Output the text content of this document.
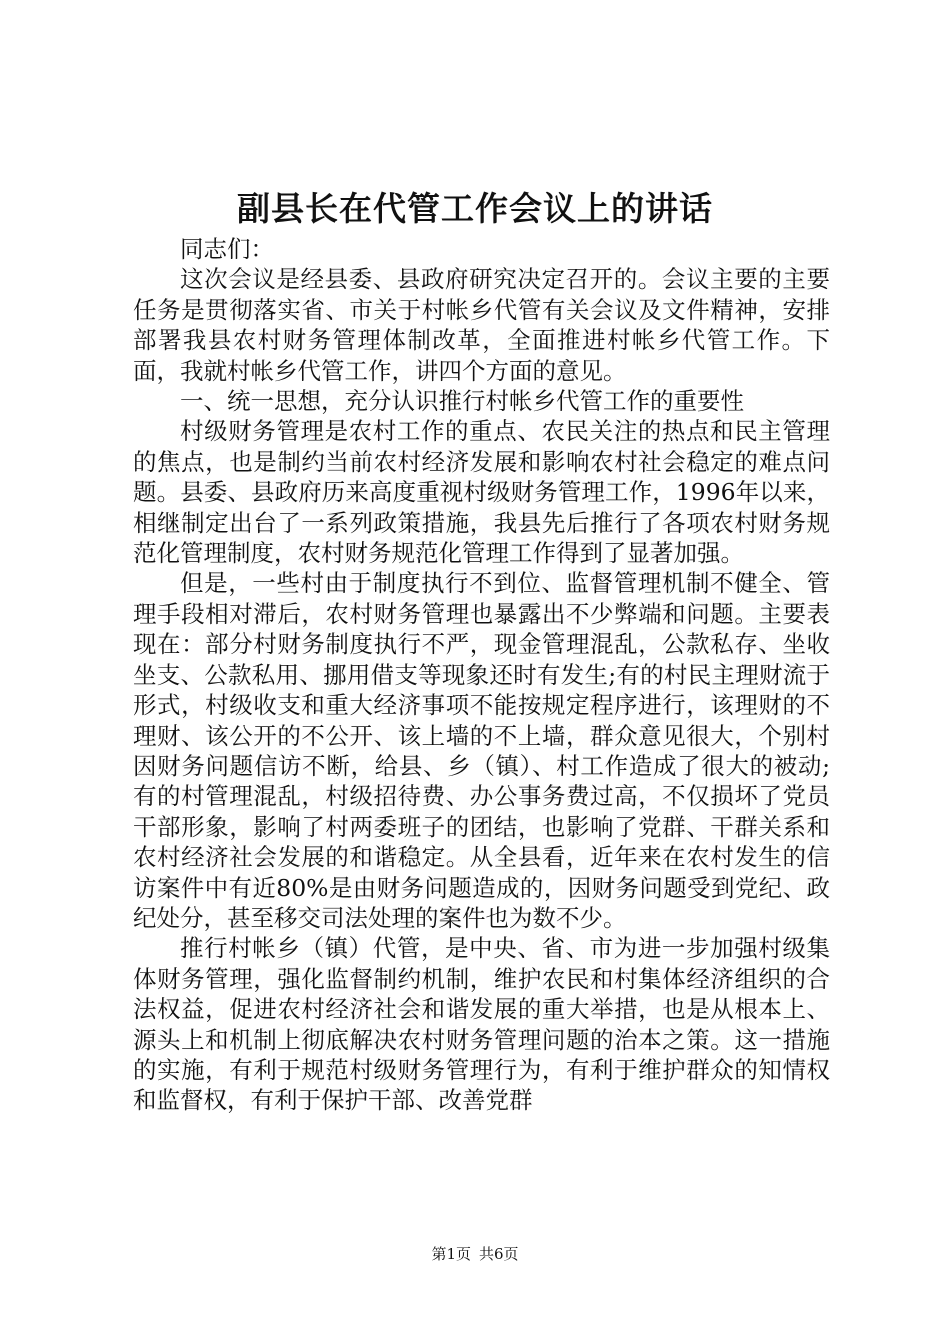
副县长在代管工作会议上的讲话

同志们：

这次会议是经县委、县政府研究决定召开的。会议主要的主要任务是贯彻落实省、市关于村帐乡代管有关会议及文件精神，安排部署我县农村财务管理体制改革，全面推进村帐乡代管工作。下面，我就村帐乡代管工作，讲四个方面的意见。

一、统一思想，充分认识推行村帐乡代管工作的重要性

村级财务管理是农村工作的重点、农民关注的热点和民主管理的焦点，也是制约当前农村经济发展和影响农村社会稳定的难点问题。县委、县政府历来高度重视村级财务管理工作，1996年以来，相继制定出台了一系列政策措施，我县先后推行了各项农村财务规范化管理制度，农村财务规范化管理工作得到了显著加强。

但是，一些村由于制度执行不到位、监督管理机制不健全、管理手段相对滞后，农村财务管理也暴露出不少弊端和问题。主要表现在：部分村财务制度执行不严，现金管理混乱，公款私存、坐收坐支、公款私用、挪用借支等现象还时有发生;有的村民主理财流于形式，村级收支和重大经济事项不能按规定程序进行，该理财的不理财、该公开的不公开、该上墙的不上墙，群众意见很大，个别村因财务问题信访不断，给县、乡（镇）、村工作造成了很大的被动;有的村管理混乱，村级招待费、办公事务费过高，不仅损坏了党员干部形象，影响了村两委班子的团结，也影响了党群、干群关系和农村经济社会发展的和谐稳定。从全县看，近年来在农村发生的信访案件中有近80%是由财务问题造成的，因财务问题受到党纪、政纪处分，甚至移交司法处理的案件也为数不少。

推行村帐乡（镇）代管，是中央、省、市为进一步加强村级集体财务管理，强化监督制约机制，维护农民和村集体经济组织的合法权益，促进农村经济社会和谐发展的重大举措，也是从根本上、源头上和机制上彻底解决农村财务管理问题的治本之策。这一措施的实施，有利于规范村级财务管理行为，有利于维护群众的知情权和监督权，有利于保护干部、改善党群

第1页 共6页
